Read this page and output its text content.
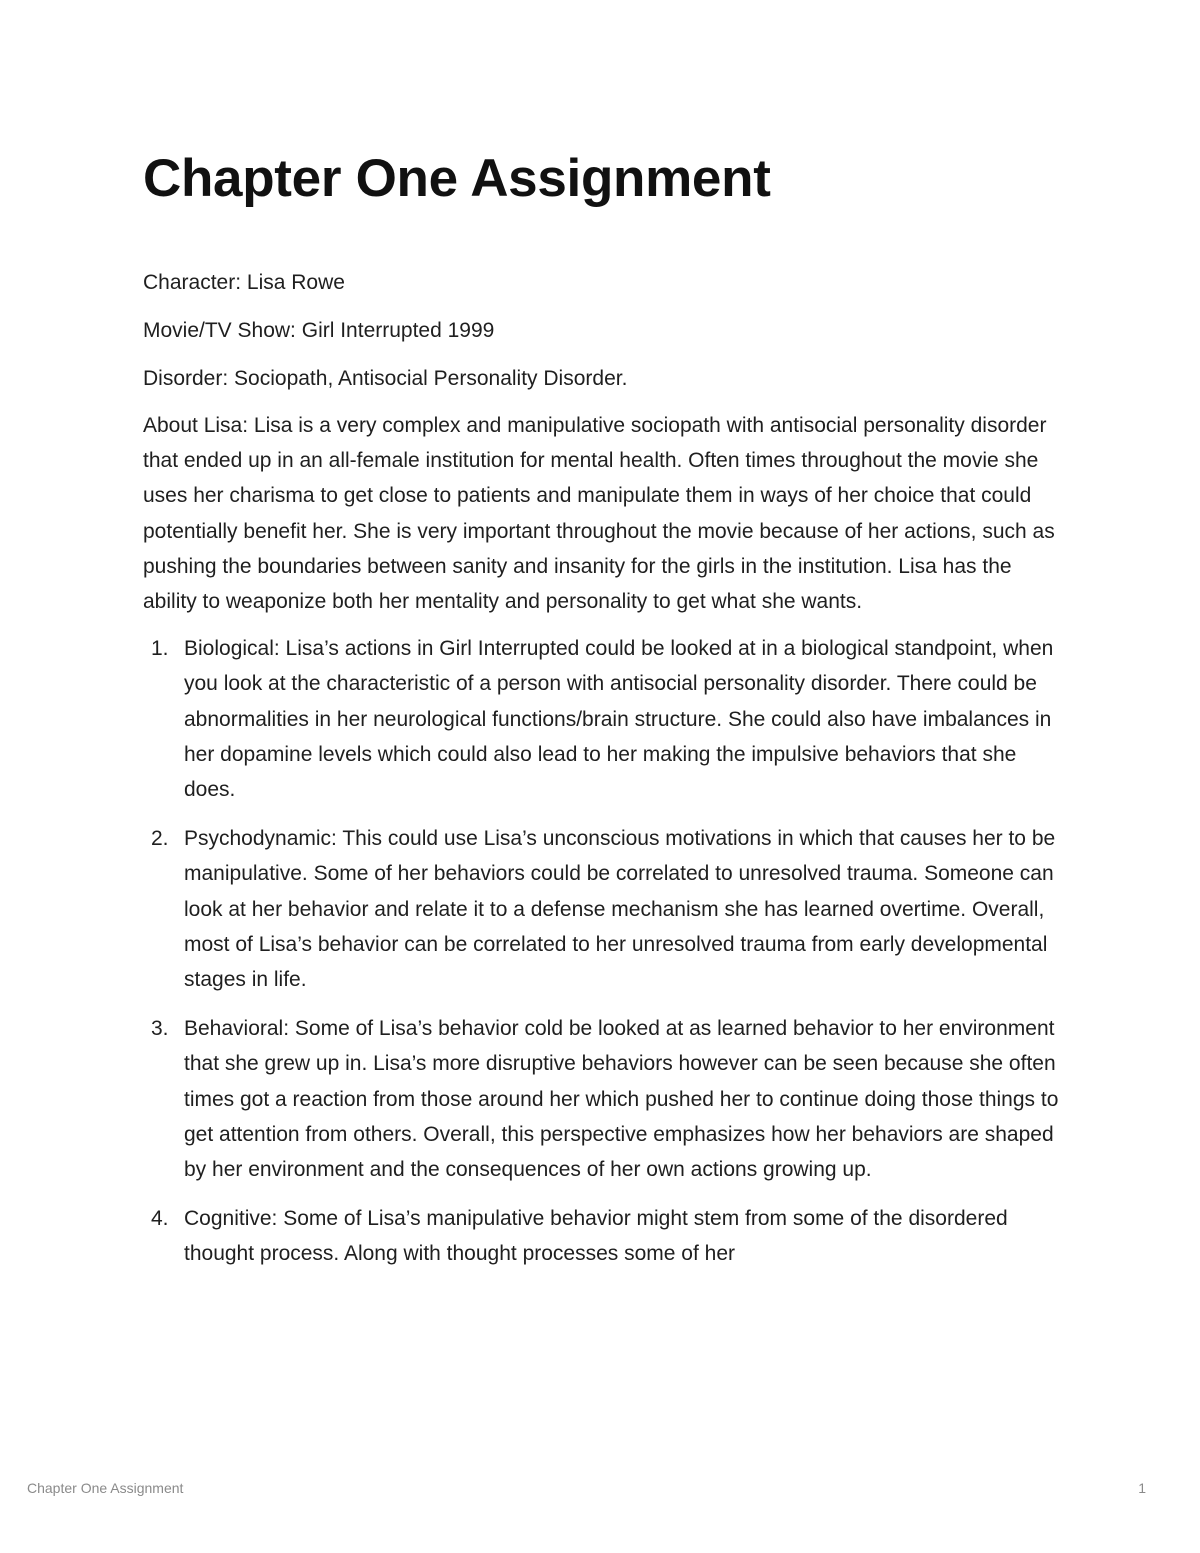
Chapter One Assignment

Character: Lisa Rowe

Movie/TV Show: Girl Interrupted 1999

Disorder: Sociopath, Antisocial Personality Disorder.

About Lisa: Lisa is a very complex and manipulative sociopath with antisocial personality disorder that ended up in an all-female institution for mental health. Often times throughout the movie she uses her charisma to get close to patients and manipulate them in ways of her choice that could potentially benefit her. She is very important throughout the movie because of her actions, such as pushing the boundaries between sanity and insanity for the girls in the institution. Lisa has the ability to weaponize both her mentality and personality to get what she wants.

1. Biological: Lisa’s actions in Girl Interrupted could be looked at in a biological standpoint, when you look at the characteristic of a person with antisocial personality disorder. There could be abnormalities in her neurological functions/brain structure. She could also have imbalances in her dopamine levels which could also lead to her making the impulsive behaviors that she does.
2. Psychodynamic: This could use Lisa’s unconscious motivations in which that causes her to be manipulative. Some of her behaviors could be correlated to unresolved trauma. Someone can look at her behavior and relate it to a defense mechanism she has learned overtime. Overall, most of Lisa’s behavior can be correlated to her unresolved trauma from early developmental stages in life.
3. Behavioral: Some of Lisa’s behavior cold be looked at as learned behavior to her environment that she grew up in. Lisa’s more disruptive behaviors however can be seen because she often times got a reaction from those around her which pushed her to continue doing those things to get attention from others. Overall, this perspective emphasizes how her behaviors are shaped by her environment and the consequences of her own actions growing up.
4. Cognitive: Some of Lisa’s manipulative behavior might stem from some of the disordered thought process. Along with thought processes some of her
Chapter One Assignment	1
